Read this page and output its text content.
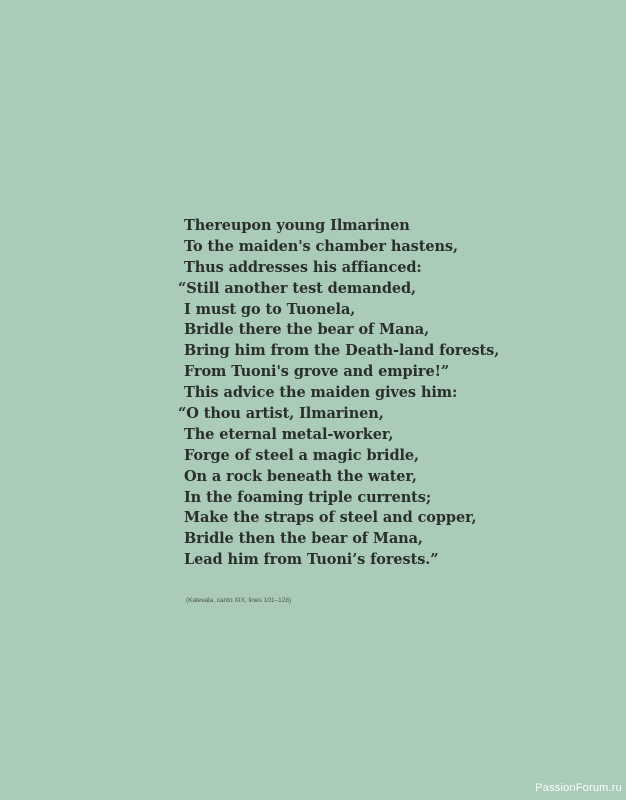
Thereupon young Ilmarinen
To the maiden's chamber hastens,
Thus addresses his affianced:
“Still another test demanded,
I must go to Tuonela,
Bridle there the bear of Mana,
Bring him from the Death-land forests,
From Tuoni's grove and empire!”
This advice the maiden gives him:
“O thou artist, Ilmarinen,
The eternal metal-worker,
Forge of steel a magic bridle,
On a rock beneath the water,
In the foaming triple currents;
Make the straps of steel and copper,
Bridle then the bear of Mana,
Lead him from Tuoni’s forests.”
(Kalevala, canto XIX, lines 101–128)
PassionForum.ru
